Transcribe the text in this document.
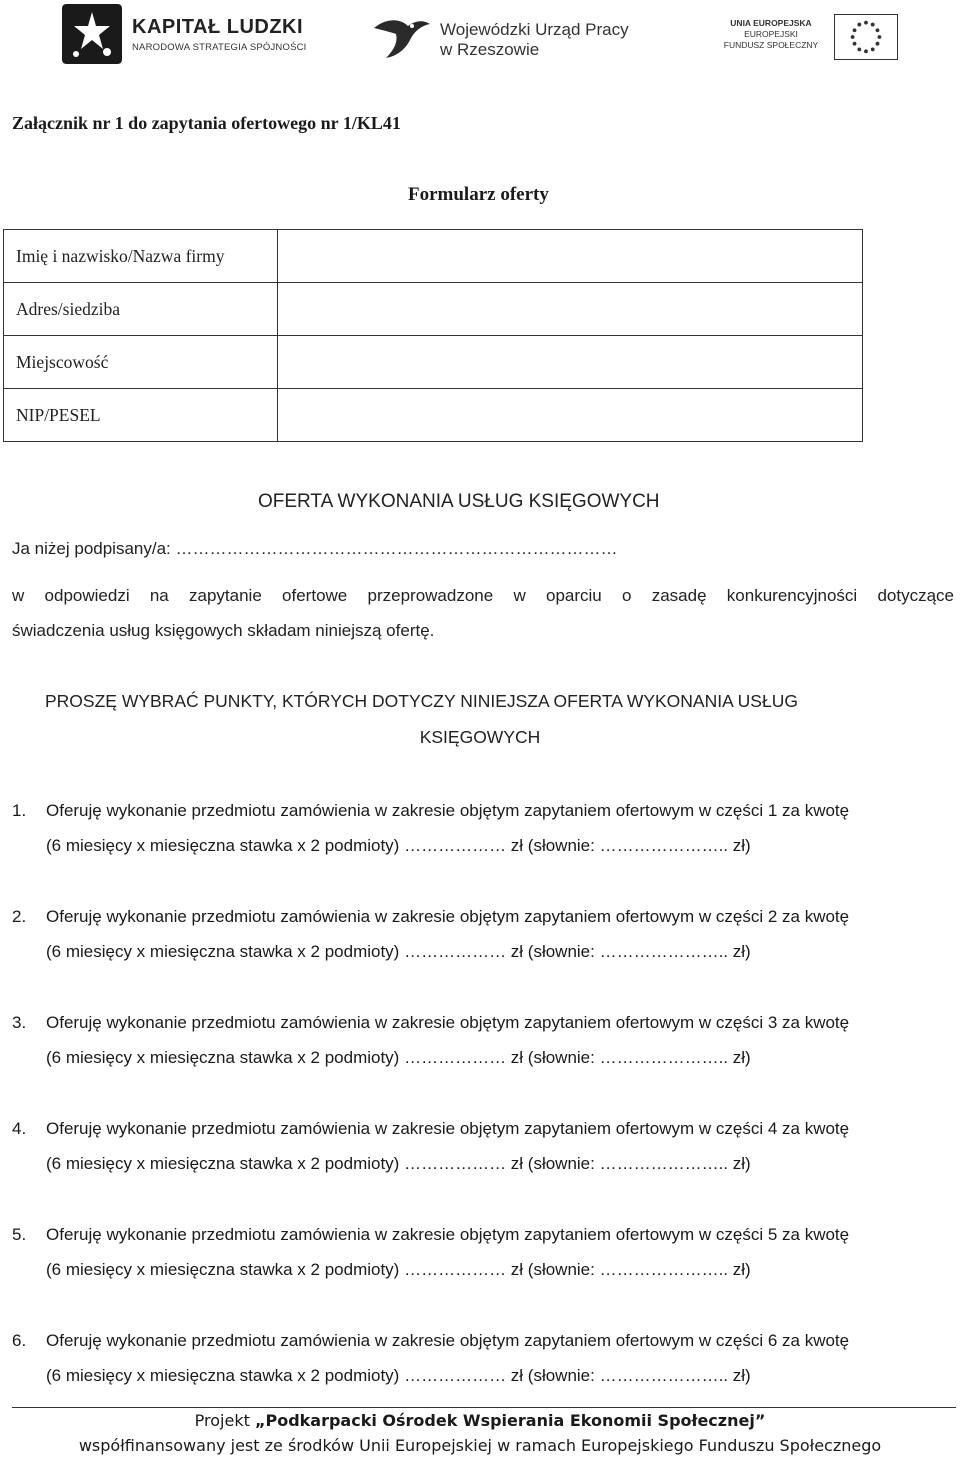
KAPITAŁ LUDZKI
NARODOWA STRATEGIA SPÓJNOŚCI
Wojewódzki Urząd Pracy
w Rzeszowie
UNIA EUROPEJSKA
EUROPEJSKI
FUNDUSZ SPOŁECZNY
Załącznik nr 1 do zapytania ofertowego nr 1/KL41
Formularz oferty
Imię i nazwisko/Nazwa firmy	
Adres/siedziba	
Miejscowość	
NIP/PESEL	
OFERTA WYKONANIA USŁUG KSIĘGOWYCH
Ja niżej podpisany/a: ……………………………………………………………………
w odpowiedzi na zapytanie ofertowe przeprowadzone w oparciu o zasadę konkurencyjności dotyczące
świadczenia usług księgowych składam niniejszą ofertę.
PROSZĘ WYBRAĆ PUNKTY, KTÓRYCH DOTYCZY NINIEJSZA OFERTA WYKONANIA USŁUG
KSIĘGOWYCH
1. Oferuję wykonanie przedmiotu zamówienia w zakresie objętym zapytaniem ofertowym w części 1 za kwotę
(6 miesięcy x miesięczna stawka x 2 podmioty) ……………… zł (słownie: ………………….. zł)
2. Oferuję wykonanie przedmiotu zamówienia w zakresie objętym zapytaniem ofertowym w części 2 za kwotę
(6 miesięcy x miesięczna stawka x 2 podmioty) ……………… zł (słownie: ………………….. zł)
3. Oferuję wykonanie przedmiotu zamówienia w zakresie objętym zapytaniem ofertowym w części 3 za kwotę
(6 miesięcy x miesięczna stawka x 2 podmioty) ……………… zł (słownie: ………………….. zł)
4. Oferuję wykonanie przedmiotu zamówienia w zakresie objętym zapytaniem ofertowym w części 4 za kwotę
(6 miesięcy x miesięczna stawka x 2 podmioty) ……………… zł (słownie: ………………….. zł)
5. Oferuję wykonanie przedmiotu zamówienia w zakresie objętym zapytaniem ofertowym w części 5 za kwotę
(6 miesięcy x miesięczna stawka x 2 podmioty) ……………… zł (słownie: ………………….. zł)
6. Oferuję wykonanie przedmiotu zamówienia w zakresie objętym zapytaniem ofertowym w części 6 za kwotę
(6 miesięcy x miesięczna stawka x 2 podmioty) ……………… zł (słownie: ………………….. zł)
Projekt „Podkarpacki Ośrodek Wspierania Ekonomii Społecznej”
współfinansowany jest ze środków Unii Europejskiej w ramach Europejskiego Funduszu Społecznego
